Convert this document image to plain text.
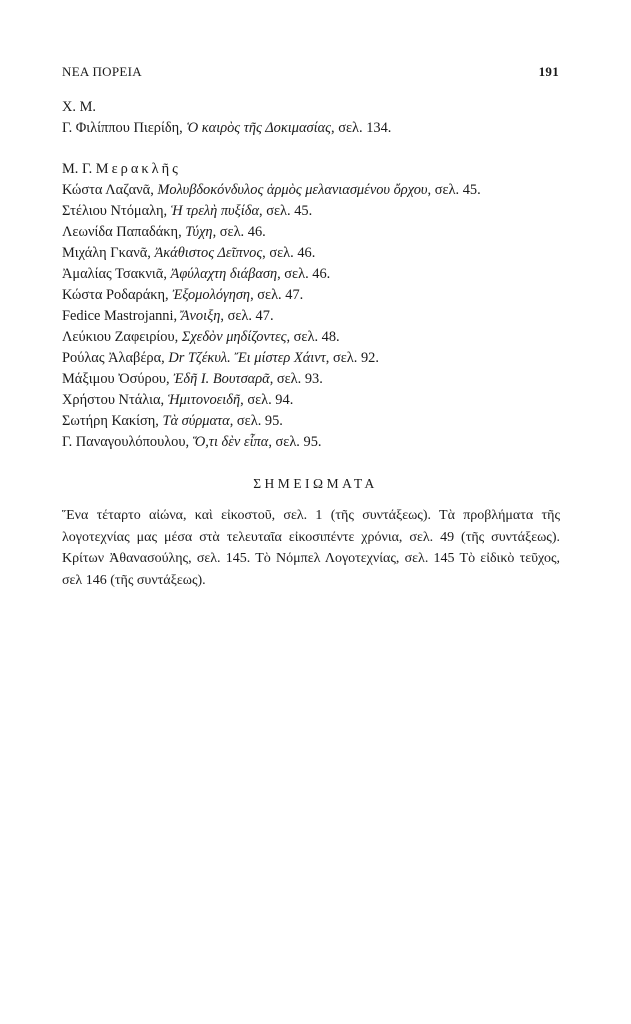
ΝΕΑ ΠΟΡΕΙΑ	191
Χ. Μ.
Γ. Φιλίππου Πιερίδη, Ὁ καιρὸς τῆς Δοκιμασίας, σελ. 134.
Μ. Γ. Μερακλῆς
Κώστα Λαζανᾶ, Μολυβδοκόνδυλος ἁρμὸς μελανιασμένου ὄρχου, σελ. 45.
Στέλιου Ντόμαλη, Ἡ τρελὴ πυξίδα, σελ. 45.
Λεωνίδα Παπαδάκη, Τύχη, σελ. 46.
Μιχάλη Γκανᾶ, Ἀκάθιστος Δεῖπνος, σελ. 46.
Ἀμαλίας Τσακνιᾶ, Ἀφύλαχτη διάβαση, σελ. 46.
Κώστα Ροδαράκη, Ἐξομολόγηση, σελ. 47.
Fedice Mastrojanni, Ἄνοιξη, σελ. 47.
Λεύκιου Ζαφειρίου, Σχεδὸν μηδίζοντες, σελ. 48.
Ρούλας Ἀλαβέρα, Dr Τζέκυλ. Ἔι μίστερ Χάιντ, σελ. 92.
Μάξιμου Ὀσύρου, Ἐδῆ Ι. Βουτσαρᾶ, σελ. 93.
Χρήστου Ντάλια, Ἡμιτονοειδῆ, σελ. 94.
Σωτήρη Κακίση, Τὰ σύρματα, σελ. 95.
Γ. Παναγουλόπουλου, Ὅ,τι δὲν εἶπα, σελ. 95.
ΣΗΜΕΙΩΜΑΤΑ

Ἕνα τέταρτο αἰώνα, καὶ εἰκοστοῦ, σελ. 1 (τῆς συντάξεως). Τὰ προβλήματα τῆς λογοτεχνίας μας μέσα στὰ τελευταῖα εἰκοσιπέντε χρόνια, σελ. 49 (τῆς συντάξεως). Κρίτων Ἀθανασούλης, σελ. 145. Τὸ Νόμπελ Λογοτεχνίας, σελ. 145 Τὸ εἰδικὸ τεῦχος, σελ 146 (τῆς συντάξεως).
